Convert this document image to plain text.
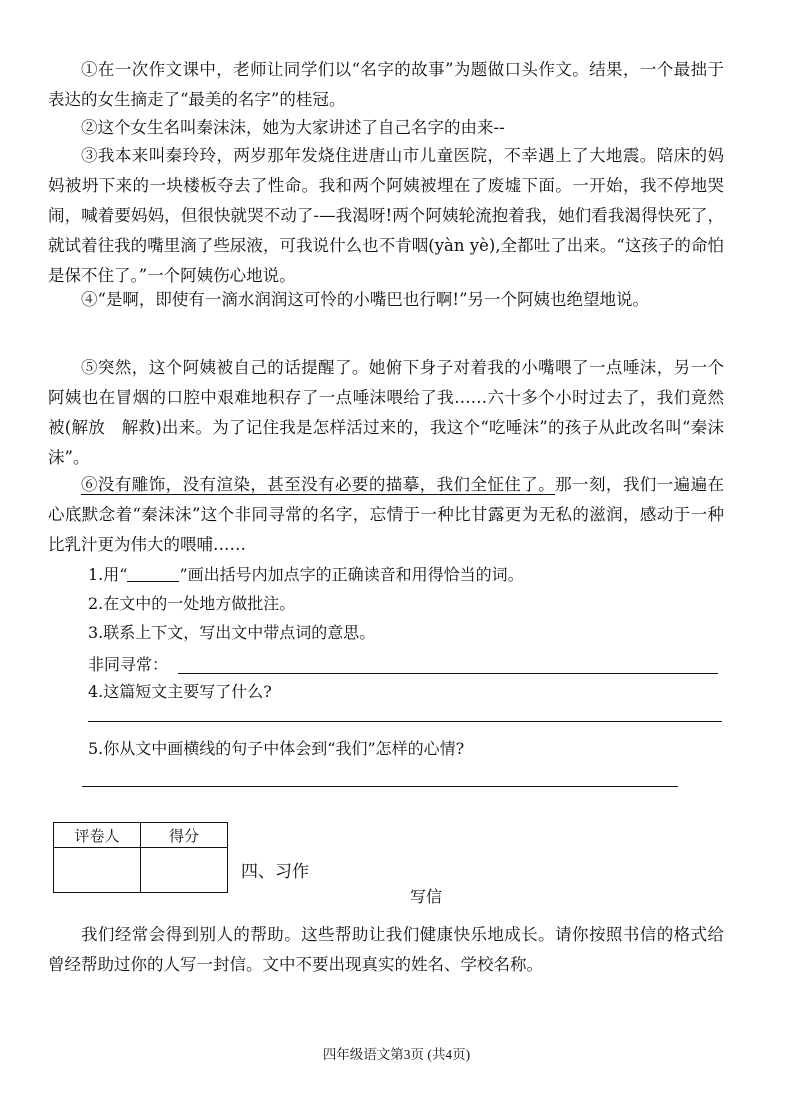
①在一次作文课中，老师让同学们以“名字的故事”为题做口头作文。结果，一个最拙于表达的女生摘走了“最美的名字”的桂冠。

②这个女生名叫秦沫沫，她为大家讲述了自己名字的由来--

③我本来叫秦玲玲，两岁那年发烧住进唐山市儿童医院，不幸遇上了大地震。陪床的妈妈被坍下来的一块楼板夺去了性命。我和两个阿姨被埋在了废墟下面。一开始，我不停地哭闹，喊着要妈妈，但很快就哭不动了-—我渴呀!两个阿姨轮流抱着我，她们看我渴得快死了，就试着往我的嘴里滴了些尿液，可我说什么也不肯咽(yàn yè),全都吐了出来。“这孩子的命怕是保不住了。”一个阿姨伤心地说。

④“是啊，即使有一滴水润润这可怜的小嘴巴也行啊!”另一个阿姨也绝望地说。

⑤突然，这个阿姨被自己的话提醒了。她俯下身子对着我的小嘴喂了一点唾沫，另一个阿姨也在冒烟的口腔中艰难地积存了一点唾沫喂给了我……六十多个小时过去了，我们竟然被(解放　解救)出来。为了记住我是怎样活过来的，我这个“吃唾沫”的孩子从此改名叫“秦沫沫”。

⑥没有雕饰，没有渲染，甚至没有必要的描摹，我们全怔住了。那一刻，我们一遍遍在心底默念着“秦沫沫”这个非同寻常的名字，忘情于一种比甘露更为无私的滋润，感动于一种比乳汁更为伟大的喂哺……

1.用“	”画出括号内加点字的正确读音和用得恰当的词。

2.在文中的一处地方做批注。

3.联系上下文，写出文中带点词的意思。

非同寻常：

4.这篇短文主要写了什么?

5.你从文中画横线的句子中体会到“我们”怎样的心情?

评卷人	得分

四、习作

写信

我们经常会得到别人的帮助。这些帮助让我们健康快乐地成长。请你按照书信的格式给曾经帮助过你的人写一封信。文中不要出现真实的姓名、学校名称。

四年级语文第3页 (共4页)
